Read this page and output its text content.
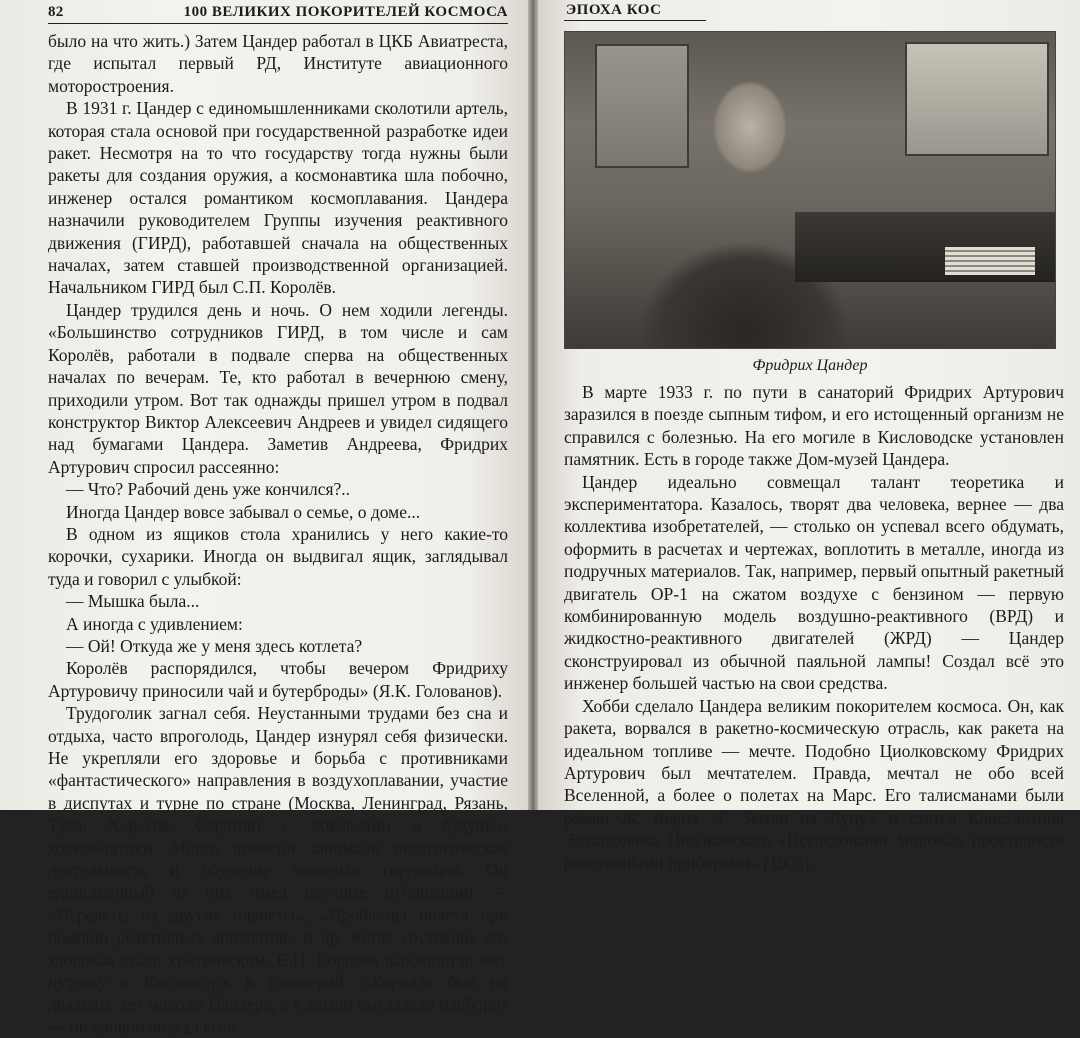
82	100 ВЕЛИКИХ ПОКОРИТЕЛЕЙ КОСМОСА

было на что жить.) Затем Цандер работал в ЦКБ Авиатреста, где испытал первый РД, Институте авиационного моторостроения.

В 1931 г. Цандер с единомышленниками сколотили артель, которая стала основой при государственной разработке идеи ракет. Несмотря на то что государству тогда нужны были ракеты для создания оружия, а космонавтика шла побочно, инженер остался романтиком космоплавания. Цандера назначили руководителем Группы изучения реактивного движения (ГИРД), работавшей сначала на общественных началах, затем ставшей производственной организацией. Начальником ГИРД был С.П. Королёв.

Цандер трудился день и ночь. О нем ходили легенды. «Большинство сотрудников ГИРД, в том числе и сам Королёв, работали в подвале сперва на общественных началах по вечерам. Те, кто работал в вечернюю смену, приходили утром. Вот так однажды пришел утром в подвал конструктор Виктор Алексеевич Андреев и увидел сидящего над бумагами Цандера. Заметив Андреева, Фридрих Артурович спросил рассеянно:

— Что? Рабочий день уже кончился?..

Иногда Цандер вовсе забывал о семье, о доме...

В одном из ящиков стола хранились у него какие-то корочки, сухарики. Иногда он выдвигал ящик, заглядывал туда и говорил с улыбкой:

— Мышка была...

А иногда с удивлением:

— Ой! Откуда же у меня здесь котлета?

Королёв распорядился, чтобы вечером Фридриху Артуровичу приносили чай и бутерброды» (Я.К. Голованов).

Трудоголик загнал себя. Неустанными трудами без сна и отдыха, часто впроголодь, Цандер изнурял себя физически. Не укрепляли его здоровье и борьба с противниками «фантастического» направления в воздухоплавании, участие в диспутах и турне по стране (Москва, Ленинград, Рязань, Тула, Харьков, Саратов) с докладами о будущем космонавтики. Много времени занимали педагогическая деятельность и обучение молодых гирдовцев. Он единственный из них имел научные публикации — «Перелеты на другие планеты», «Проблемы полета при помощи реактивных аппаратов» и др. Когда состояние его здоровья стало критическим, С.П. Королёв выхлопотал ему путевку в Кисловодск в санаторий. «Королёв был на двадцать лет моложе Цандера, а в жизни выглядело наоборот — он словно опекал его».

ЭПОХА КОС
Фридрих Цандер

В марте 1933 г. по пути в санаторий Фридрих Артурович заразился в поезде сыпным тифом, и его истощенный организм не справился с болезнью. На его могиле в Кисловодске установлен памятник. Есть в городе также Дом-музей Цандера.

Цандер идеально совмещал талант теоретика и экспериментатора. Казалось, творят два человека, вернее — два коллектива изобретателей, — столько он успевал всего обдумать, оформить в расчетах и чертежах, воплотить в металле, иногда из подручных материалов. Так, например, первый опытный ракетный двигатель ОР-1 на сжатом воздухе с бензином — первую комбинированную модель воздушно-реактивного (ВРД) и жидкостно-реактивного двигателей (ЖРД) — Цандер сконструировал из обычной паяльной лампы! Создал всё это инженер большей частью на свои средства.

Хобби сделало Цандера великим покорителем космоса. Он, как ракета, ворвался в ракетно-космическую отрасль, как ракета на идеальном топливе — мечте. Подобно Циолковскому Фридрих Артурович был мечтателем. Правда, мечтал не обо всей Вселенной, а более о полетах на Марс. Его талисманами были роман Ж. Верна «С Земли на Луну» и статья Константина Эдуардовича Циолковского «Исследование мировых пространств реактивными приборами» (1903).
